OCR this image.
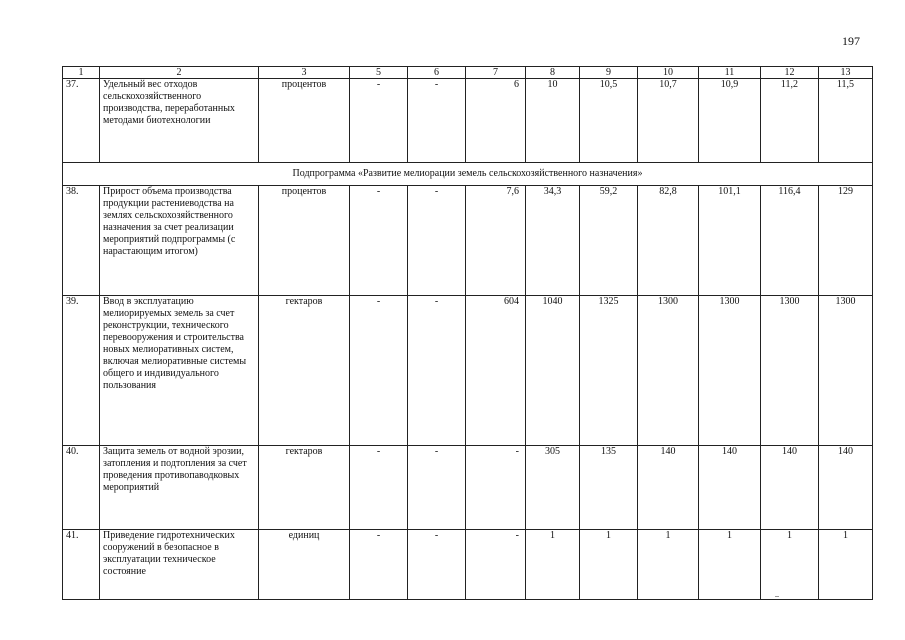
197
1	2	3	5	6	7	8	9	10	11	12	13
37.	Удельный вес отходов сельскохозяйственного производства, переработанных методами биотехнологии	процентов	-	-	6	10	10,5	10,7	10,9	11,2	11,5
Подпрограмма «Развитие мелиорации земель сельскохозяйственного назначения»											
38.	Прирост объема производства продукции растениеводства на землях сельскохозяйственного назначения за счет реализации мероприятий подпрограммы (с нарастающим итогом)	процентов	-	-	7,6	34,3	59,2	82,8	101,1	116,4	129
39.	Ввод в эксплуатацию мелиорируемых земель за счет реконструкции, технического перевооружения и строительства новых мелиоративных систем, включая мелиоративные системы общего и индивидуального пользования	гектаров	-	-	604	1040	1325	1300	1300	1300	1300
40.	Защита земель от водной эрозии, затопления и подтопления за счет проведения противопаводковых мероприятий	гектаров	-	-	-	305	135	140	140	140	140
41.	Приведение гидротехнических сооружений в безопасное в эксплуатации техническое состояние	единиц	-	-	-	1	1	1	1	1	1
